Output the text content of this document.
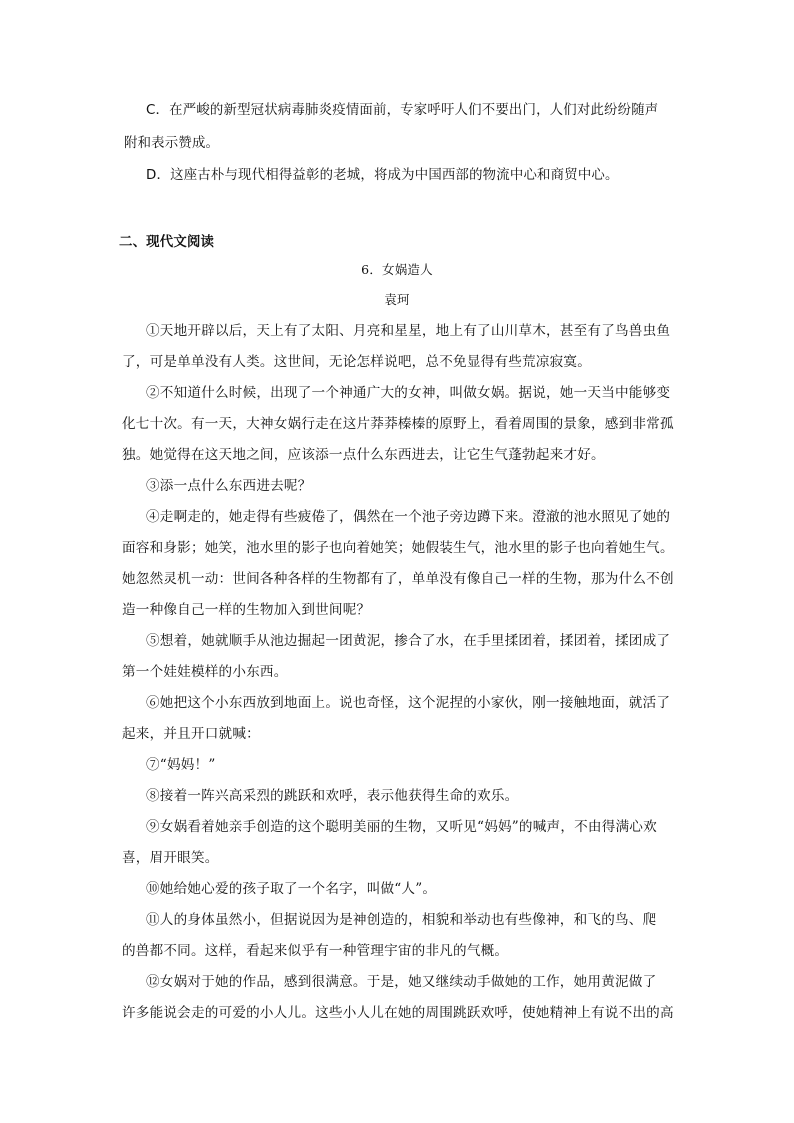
C．在严峻的新型冠状病毒肺炎疫情面前，专家呼吁人们不要出门，人们对此纷纷随声
附和表示赞成。
D．这座古朴与现代相得益彰的老城，将成为中国西部的物流中心和商贸中心。
二、现代文阅读
6．女娲造人
袁珂
①天地开辟以后，天上有了太阳、月亮和星星，地上有了山川草木，甚至有了鸟兽虫鱼
了，可是单单没有人类。这世间，无论怎样说吧，总不免显得有些荒凉寂寞。
②不知道什么时候，出现了一个神通广大的女神，叫做女娲。据说，她一天当中能够变
化七十次。有一天，大神女娲行走在这片莽莽榛榛的原野上，看着周围的景象，感到非常孤
独。她觉得在这天地之间，应该添一点什么东西进去，让它生气蓬勃起来才好。
③添一点什么东西进去呢？
④走啊走的，她走得有些疲倦了，偶然在一个池子旁边蹲下来。澄澈的池水照见了她的
面容和身影；她笑，池水里的影子也向着她笑；她假装生气，池水里的影子也向着她生气。
她忽然灵机一动：世间各种各样的生物都有了，单单没有像自己一样的生物，那为什么不创
造一种像自己一样的生物加入到世间呢？
⑤想着，她就顺手从池边掘起一团黄泥，掺合了水，在手里揉团着，揉团着，揉团成了
第一个娃娃模样的小东西。
⑥她把这个小东西放到地面上。说也奇怪，这个泥捏的小家伙，刚一接触地面，就活了
起来，并且开口就喊：
⑦“妈妈！”
⑧接着一阵兴高采烈的跳跃和欢呼，表示他获得生命的欢乐。
⑨女娲看着她亲手创造的这个聪明美丽的生物，又听见“妈妈”的喊声，不由得满心欢
喜，眉开眼笑。
⑩她给她心爱的孩子取了一个名字，叫做“人”。
⑪人的身体虽然小，但据说因为是神创造的，相貌和举动也有些像神，和飞的鸟、爬
的兽都不同。这样，看起来似乎有一种管理宇宙的非凡的气概。
⑫女娲对于她的作品，感到很满意。于是，她又继续动手做她的工作，她用黄泥做了
许多能说会走的可爱的小人儿。这些小人儿在她的周围跳跃欢呼，使她精神上有说不出的高
